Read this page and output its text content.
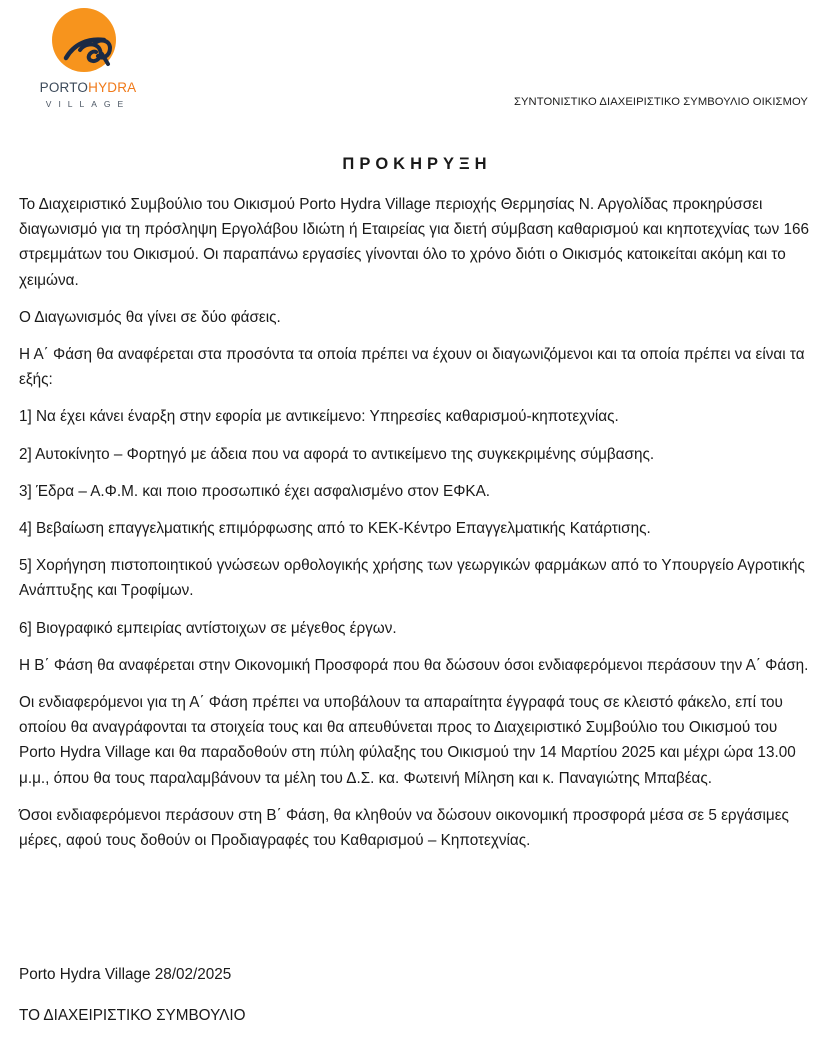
PORTOHYDRA
VILLAGE	ΣΥΝΤΟΝΙΣΤΙΚΟ ΔΙΑΧΕΙΡΙΣΤΙΚΟ ΣΥΜΒΟΥΛΙΟ ΟΙΚΙΣΜΟΥ
ΠΡΟΚΗΡΥΞΗ

Το Διαχειριστικό Συμβούλιο του Οικισμού Porto Hydra Village περιοχής Θερμησίας Ν. Αργολίδας προκηρύσσει διαγωνισμό για τη πρόσληψη Εργολάβου Ιδιώτη ή Εταιρείας για διετή σύμβαση καθαρισμού και κηποτεχνίας των 166 στρεμμάτων του Οικισμού. Οι παραπάνω εργασίες γίνονται όλο το χρόνο διότι ο Οικισμός κατοικείται ακόμη και το χειμώνα.

Ο Διαγωνισμός θα γίνει σε δύο φάσεις.

Η Α΄ Φάση θα αναφέρεται στα προσόντα τα οποία πρέπει να έχουν οι διαγωνιζόμενοι και τα οποία πρέπει να είναι τα εξής:

1] Να έχει κάνει έναρξη στην εφορία με αντικείμενο: Υπηρεσίες καθαρισμού-κηποτεχνίας.

2] Αυτοκίνητο – Φορτηγό με άδεια που να αφορά το αντικείμενο της συγκεκριμένης σύμβασης.

3] Έδρα – Α.Φ.Μ. και ποιο προσωπικό έχει ασφαλισμένο στον ΕΦΚΑ.

4] Βεβαίωση επαγγελματικής επιμόρφωσης από το ΚΕΚ-Κέντρο Επαγγελματικής Κατάρτισης.

5] Χορήγηση πιστοποιητικού γνώσεων ορθολογικής χρήσης των γεωργικών φαρμάκων από το Υπουργείο Αγροτικής Ανάπτυξης και Τροφίμων.

6] Βιογραφικό εμπειρίας αντίστοιχων σε μέγεθος έργων.

Η Β΄ Φάση θα αναφέρεται στην Οικονομική Προσφορά που θα δώσουν όσοι ενδιαφερόμενοι περάσουν την Α΄ Φάση.

Οι ενδιαφερόμενοι για τη Α΄ Φάση πρέπει να υποβάλουν τα απαραίτητα έγγραφά τους σε κλειστό φάκελο, επί του οποίου θα αναγράφονται τα στοιχεία τους και θα απευθύνεται προς το Διαχειριστικό Συμβούλιο του Οικισμού του Porto Hydra Village και θα παραδοθούν στη πύλη φύλαξης του Οικισμού την 14 Μαρτίου 2025 και μέχρι ώρα 13.00 μ.μ., όπου θα τους παραλαμβάνουν τα μέλη του Δ.Σ. κα. Φωτεινή Μίληση και κ. Παναγιώτης Μπαβέας.

Όσοι ενδιαφερόμενοι περάσουν στη Β΄ Φάση, θα κληθούν να δώσουν οικονομική προσφορά μέσα σε 5 εργάσιμες μέρες, αφού τους δοθούν οι Προδιαγραφές του Καθαρισμού – Κηποτεχνίας.

Porto Hydra Village 28/02/2025

ΤΟ ΔΙΑΧΕΙΡΙΣΤΙΚΟ ΣΥΜΒΟΥΛΙΟ
